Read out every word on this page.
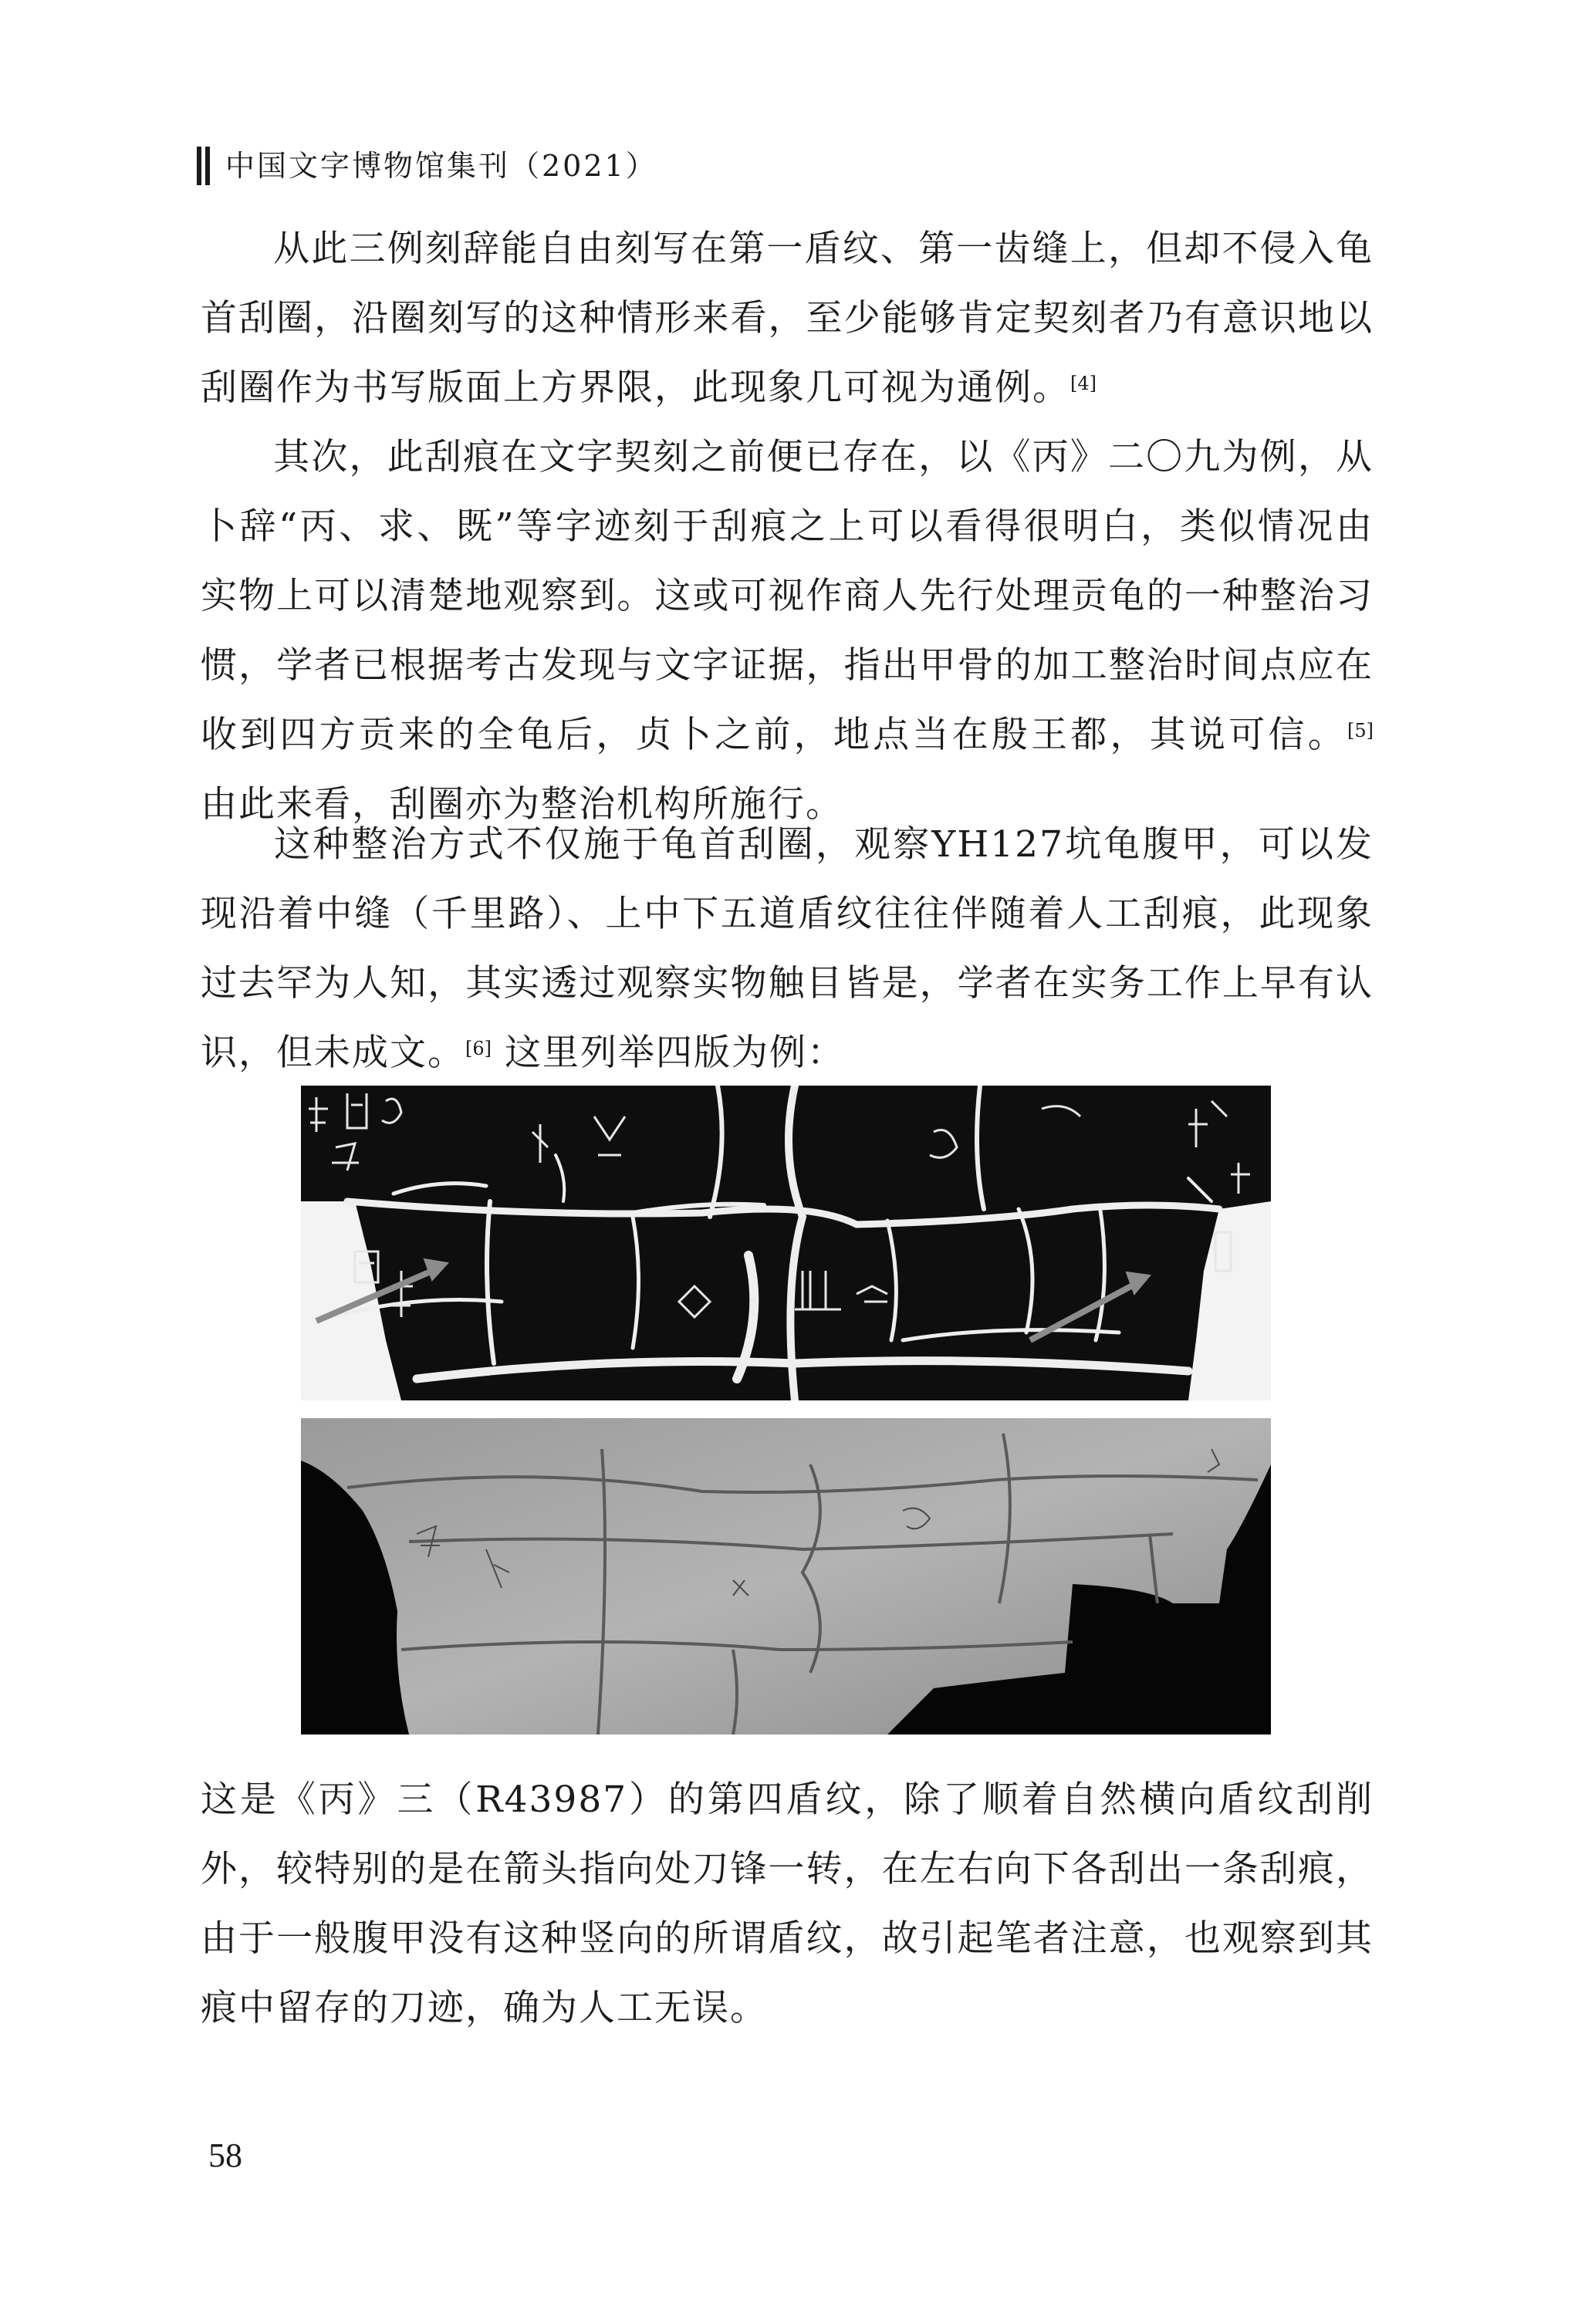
中国文字博物馆集刊（2021）

从此三例刻辞能自由刻写在第一盾纹、第一齿缝上，但却不侵入龟首刮圈，沿圈刻写的这种情形来看，至少能够肯定契刻者乃有意识地以刮圈作为书写版面上方界限，此现象几可视为通例。[4]

其次，此刮痕在文字契刻之前便已存在，以《丙》二〇九为例，从卜辞“丙、求、既”等字迹刻于刮痕之上可以看得很明白，类似情况由实物上可以清楚地观察到。这或可视作商人先行处理贡龟的一种整治习惯，学者已根据考古发现与文字证据，指出甲骨的加工整治时间点应在收到四方贡来的全龟后，贞卜之前，地点当在殷王都，其说可信。[5] 由此来看，刮圈亦为整治机构所施行。

这种整治方式不仅施于龟首刮圈，观察YH127坑龟腹甲，可以发现沿着中缝（千里路）、上中下五道盾纹往往伴随着人工刮痕，此现象过去罕为人知，其实透过观察实物触目皆是，学者在实务工作上早有认识，但未成文。[6] 这里列举四版为例：

这是《丙》三（R43987）的第四盾纹，除了顺着自然横向盾纹刮削外，较特别的是在箭头指向处刀锋一转，在左右向下各刮出一条刮痕，由于一般腹甲没有这种竖向的所谓盾纹，故引起笔者注意，也观察到其痕中留存的刀迹，确为人工无误。

58
